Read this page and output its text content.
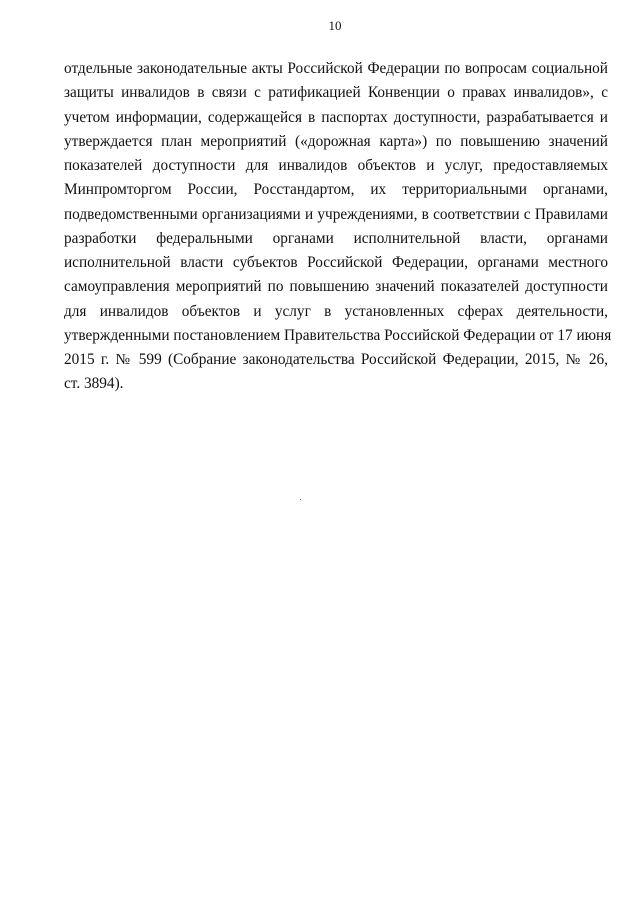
10
отдельные законодательные акты Российской Федерации по вопросам социальной
защиты инвалидов в связи с ратификацией Конвенции о правах инвалидов», с
учетом информации, содержащейся в паспортах доступности, разрабатывается и
утверждается план мероприятий («дорожная карта») по повышению значений
показателей доступности для инвалидов объектов и услуг, предоставляемых
Минпромторгом России, Росстандартом, их территориальными органами,
подведомственными организациями и учреждениями, в соответствии с Правилами
разработки федеральными органами исполнительной власти, органами
исполнительной власти субъектов Российской Федерации, органами местного
самоуправления мероприятий по повышению значений показателей доступности
для инвалидов объектов и услуг в установленных сферах деятельности,
утвержденными постановлением Правительства Российской Федерации от 17 июня
2015 г. № 599 (Собрание законодательства Российской Федерации, 2015, № 26,
ст. 3894).
